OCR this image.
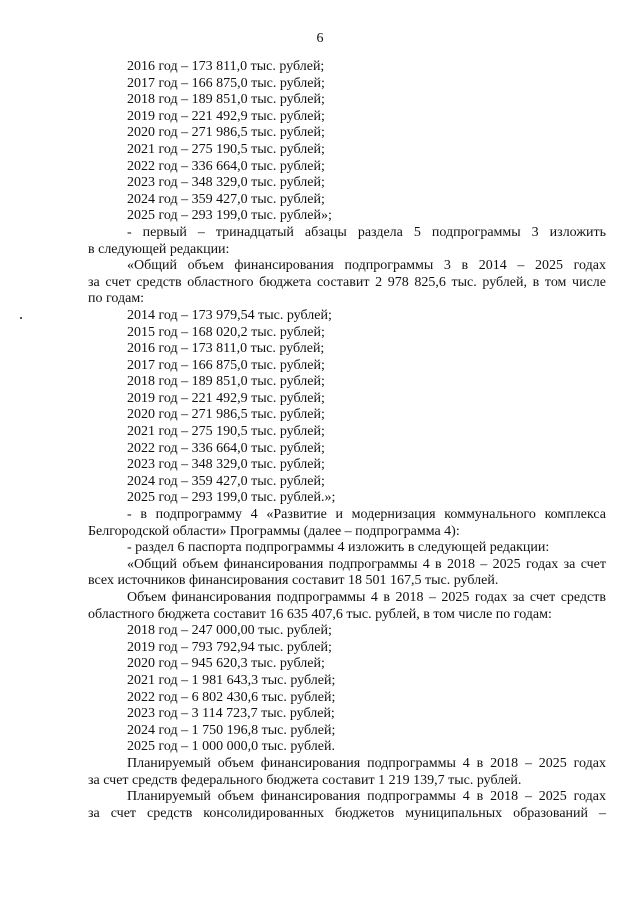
6
2016 год – 173 811,0 тыс. рублей;
2017 год – 166 875,0 тыс. рублей;
2018 год – 189 851,0 тыс. рублей;
2019 год – 221 492,9 тыс. рублей;
2020 год – 271 986,5 тыс. рублей;
2021 год – 275 190,5 тыс. рублей;
2022 год – 336 664,0 тыс. рублей;
2023 год – 348 329,0 тыс. рублей;
2024 год – 359 427,0 тыс. рублей;
2025 год – 293 199,0 тыс. рублей»;
- первый – тринадцатый абзацы раздела 5 подпрограммы 3 изложить
в следующей редакции:
«Общий объем финансирования подпрограммы 3 в 2014 – 2025 годах
за счет средств областного бюджета составит 2 978 825,6 тыс. рублей, в том числе
по годам:
2014 год – 173 979,54 тыс. рублей;
2015 год – 168 020,2 тыс. рублей;
2016 год – 173 811,0 тыс. рублей;
2017 год – 166 875,0 тыс. рублей;
2018 год – 189 851,0 тыс. рублей;
2019 год – 221 492,9 тыс. рублей;
2020 год – 271 986,5 тыс. рублей;
2021 год – 275 190,5 тыс. рублей;
2022 год – 336 664,0 тыс. рублей;
2023 год – 348 329,0 тыс. рублей;
2024 год – 359 427,0 тыс. рублей;
2025 год – 293 199,0 тыс. рублей.»;
- в подпрограмму 4 «Развитие и модернизация коммунального комплекса
Белгородской области» Программы (далее – подпрограмма 4):
- раздел 6 паспорта подпрограммы 4 изложить в следующей редакции:
«Общий объем финансирования подпрограммы 4 в 2018 – 2025 годах за счет
всех источников финансирования составит 18 501 167,5 тыс. рублей.
Объем финансирования подпрограммы 4 в 2018 – 2025 годах за счет средств
областного бюджета составит 16 635 407,6 тыс. рублей, в том числе по годам:
2018 год – 247 000,00 тыс. рублей;
2019 год – 793 792,94 тыс. рублей;
2020 год – 945 620,3 тыс. рублей;
2021 год – 1 981 643,3 тыс. рублей;
2022 год – 6 802 430,6 тыс. рублей;
2023 год – 3 114 723,7 тыс. рублей;
2024 год – 1 750 196,8 тыс. рублей;
2025 год – 1 000 000,0 тыс. рублей.
Планируемый объем финансирования подпрограммы 4 в 2018 – 2025 годах
за счет средств федерального бюджета составит 1 219 139,7 тыс. рублей.
Планируемый объем финансирования подпрограммы 4 в 2018 – 2025 годах
за счет средств консолидированных бюджетов муниципальных образований –
